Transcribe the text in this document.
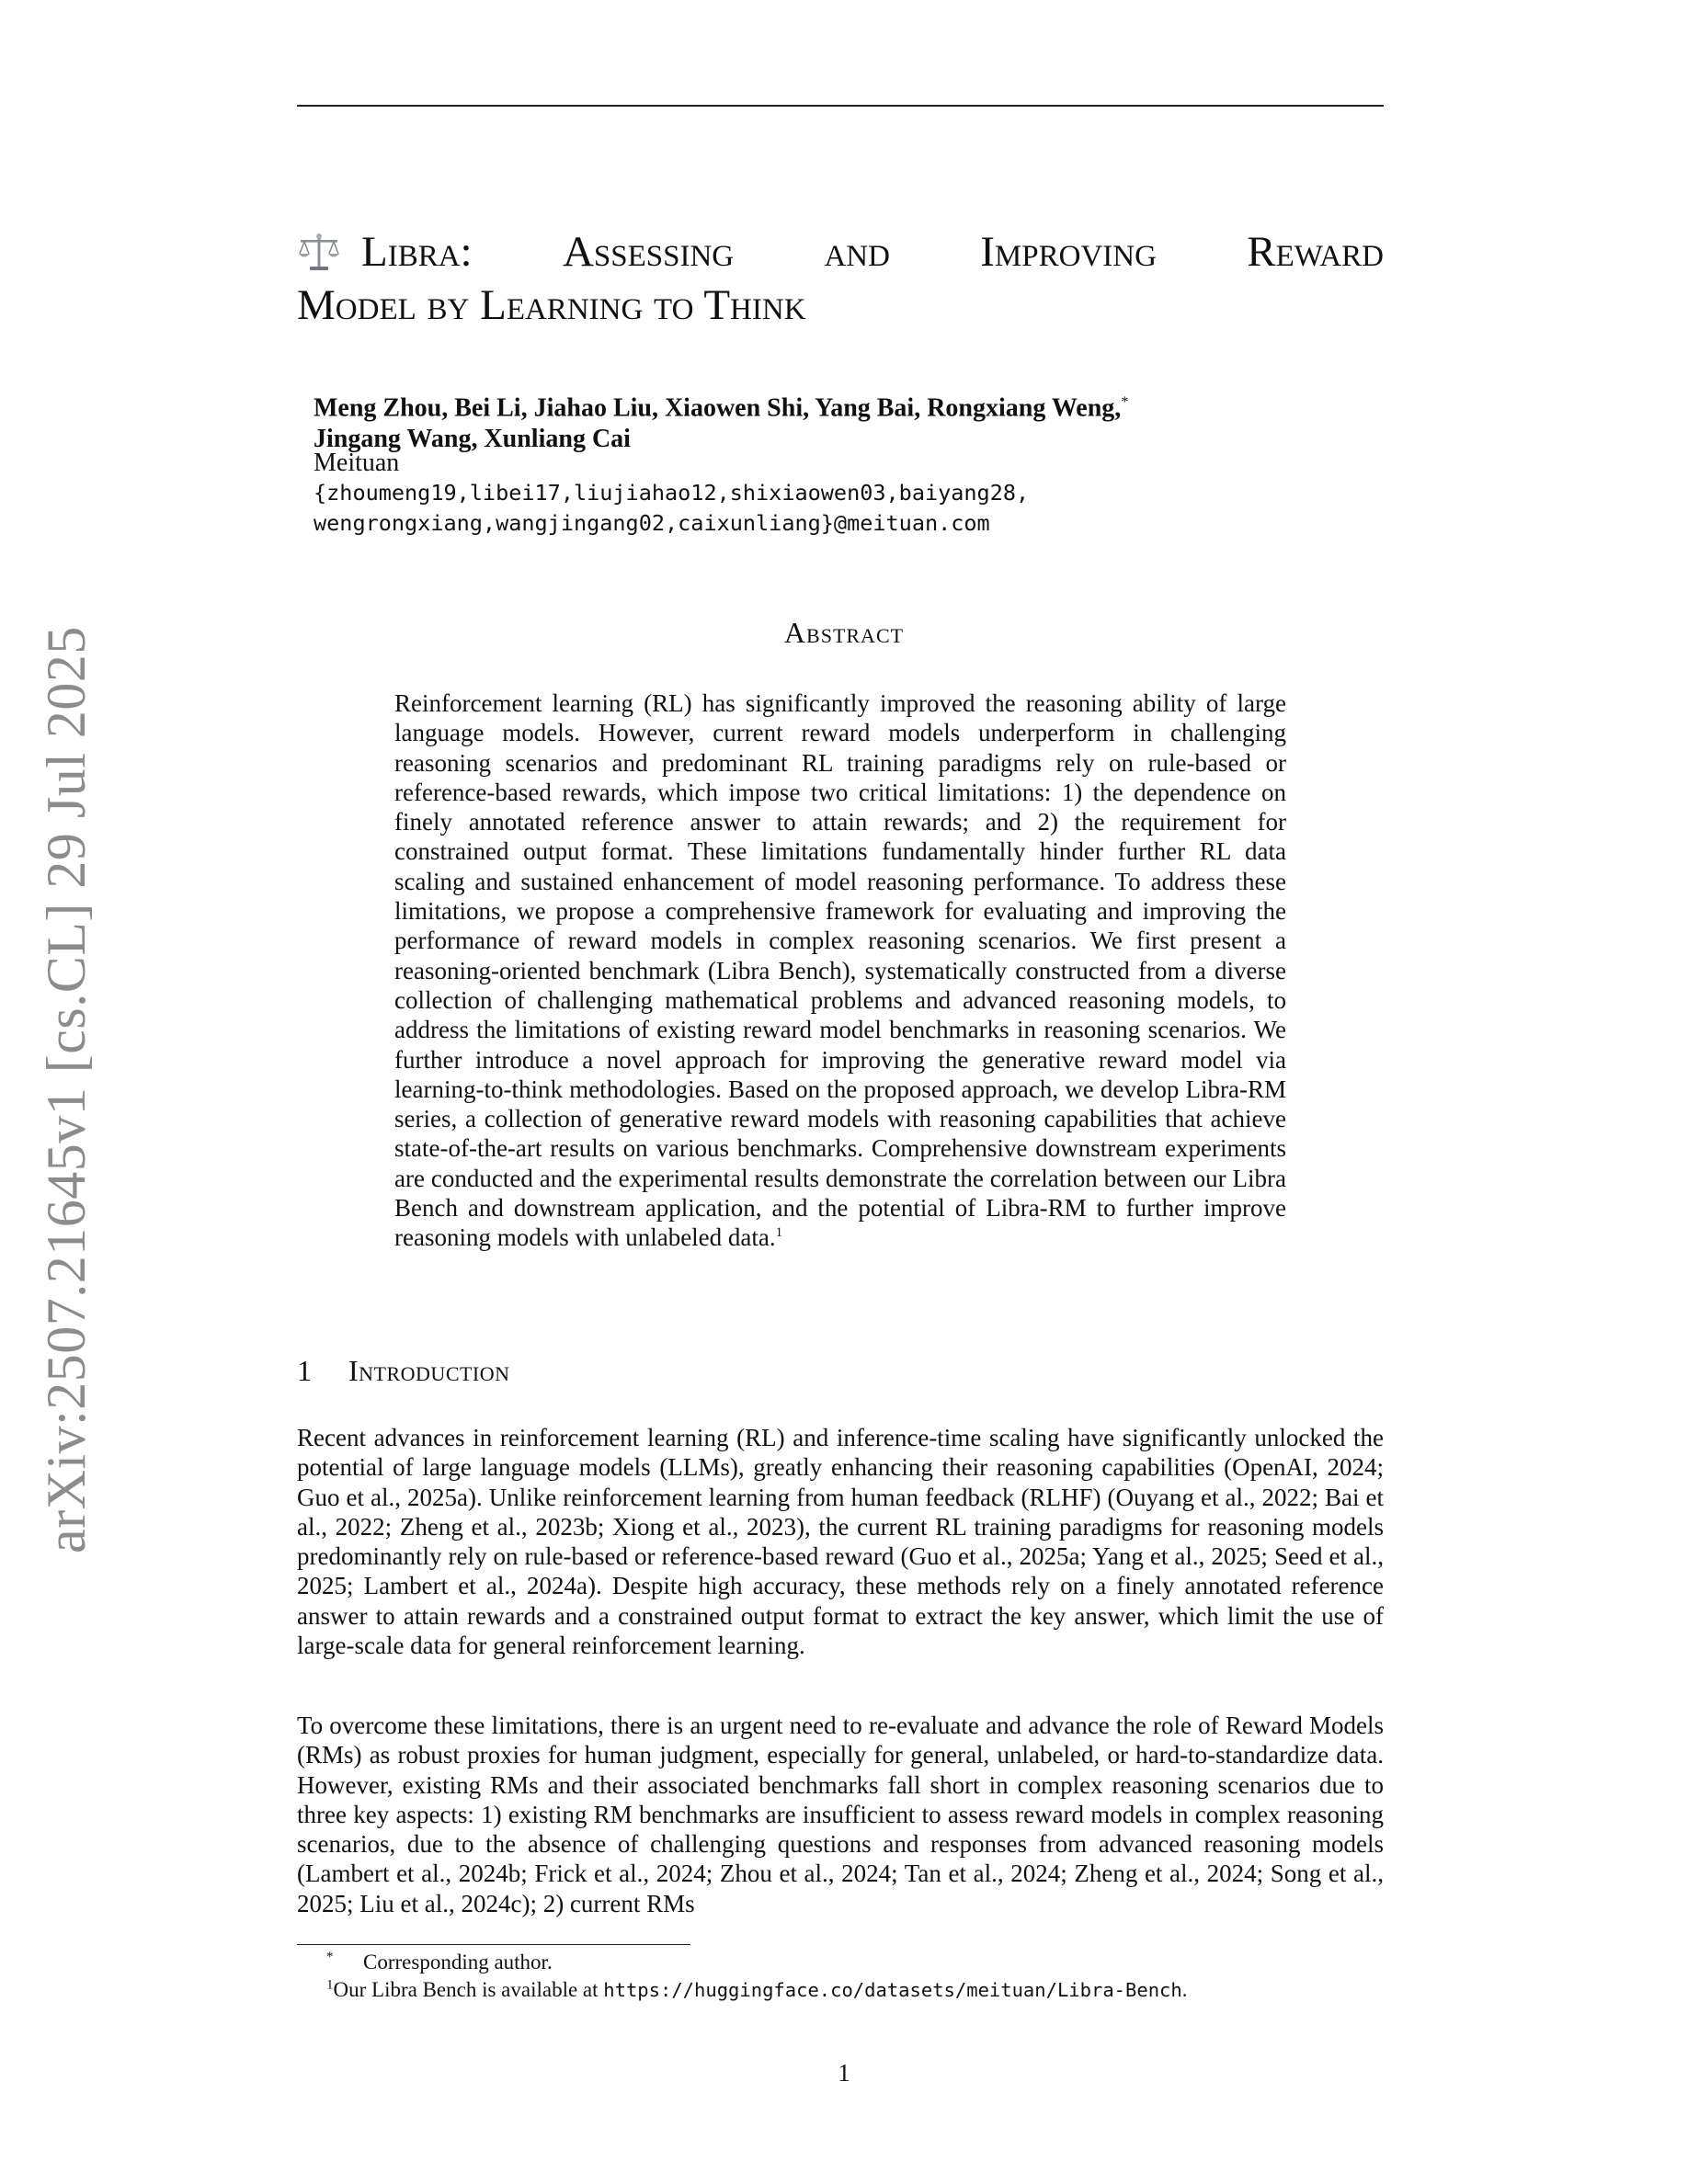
arXiv:2507.21645v1 [cs.CL] 29 Jul 2025
Libra: Assessing and Improving Reward
Model by Learning to Think
Meng Zhou, Bei Li, Jiahao Liu, Xiaowen Shi, Yang Bai, Rongxiang Weng,*
Jingang Wang, Xunliang Cai
Meituan
{zhoumeng19,libei17,liujiahao12,shixiaowen03,baiyang28,
wengrongxiang,wangjingang02,caixunliang}@meituan.com
Abstract
Reinforcement learning (RL) has significantly improved the reasoning ability of large language models. However, current reward models underperform in challenging reasoning scenarios and predominant RL training paradigms rely on rule-based or reference-based rewards, which impose two critical limitations: 1) the dependence on finely annotated reference answer to attain rewards; and 2) the requirement for constrained output format. These limitations fundamentally hinder further RL data scaling and sustained enhancement of model reasoning performance. To address these limitations, we propose a comprehensive framework for evaluating and improving the performance of reward models in complex reasoning scenarios. We first present a reasoning-oriented benchmark (Libra Bench), systematically constructed from a diverse collection of challenging mathematical problems and advanced reasoning models, to address the limitations of existing reward model benchmarks in reasoning scenarios. We further introduce a novel approach for improving the generative reward model via learning-to-think methodologies. Based on the proposed approach, we develop Libra-RM series, a collection of generative reward models with reasoning capabilities that achieve state-of-the-art results on various benchmarks. Comprehensive downstream experiments are conducted and the experimental results demonstrate the correlation between our Libra Bench and downstream application, and the potential of Libra-RM to further improve reasoning models with unlabeled data.$^1$
1 Introduction
Recent advances in reinforcement learning (RL) and inference-time scaling have significantly unlocked the potential of large language models (LLMs), greatly enhancing their reasoning capabilities (OpenAI, 2024; Guo et al., 2025a). Unlike reinforcement learning from human feedback (RLHF) (Ouyang et al., 2022; Bai et al., 2022; Zheng et al., 2023b; Xiong et al., 2023), the current RL training paradigms for reasoning models predominantly rely on rule-based or reference-based reward (Guo et al., 2025a; Yang et al., 2025; Seed et al., 2025; Lambert et al., 2024a). Despite high accuracy, these methods rely on a finely annotated reference answer to attain rewards and a constrained output format to extract the key answer, which limit the use of large-scale data for general reinforcement learning.
To overcome these limitations, there is an urgent need to re-evaluate and advance the role of Reward Models (RMs) as robust proxies for human judgment, especially for general, unlabeled, or hard-to-standardize data. However, existing RMs and their associated benchmarks fall short in complex reasoning scenarios due to three key aspects: 1) existing RM benchmarks are insufficient to assess reward models in complex reasoning scenarios, due to the absence of challenging questions and responses from advanced reasoning models (Lambert et al., 2024b; Frick et al., 2024; Zhou et al., 2024; Tan et al., 2024; Zheng et al., 2024; Song et al., 2025; Liu et al., 2024c); 2) current RMs
* Corresponding author.
$^1$Our Libra Bench is available at https://huggingface.co/datasets/meituan/Libra-Bench.
1
